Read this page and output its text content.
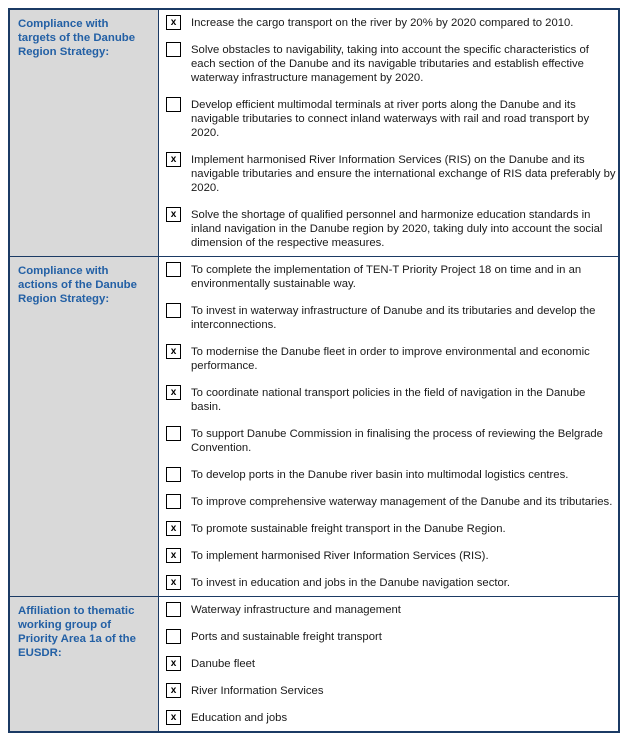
Compliance with targets of the Danube Region Strategy:
x	Increase the cargo transport on the river by 20% by 2020 compared to 2010.
Solve obstacles to navigability, taking into account the specific characteristics of each section of the Danube and its navigable tributaries and establish effective waterway infrastructure management by 2020.
Develop efficient multimodal terminals at river ports along the Danube and its navigable tributaries to connect inland waterways with rail and road transport by 2020.
x	Implement harmonised River Information Services (RIS) on the Danube and its navigable tributaries and ensure the international exchange of RIS data preferably by 2020.
x	Solve the shortage of qualified personnel and harmonize education standards in inland navigation in the Danube region by 2020, taking duly into account the social dimension of the respective measures.
Compliance with actions of the Danube Region Strategy:
To complete the implementation of TEN-T Priority Project 18 on time and in an environmentally sustainable way.
To invest in waterway infrastructure of Danube and its tributaries and develop the interconnections.
x	To modernise the Danube fleet in order to improve environmental and economic performance.
x	To coordinate national transport policies in the field of navigation in the Danube basin.
To support Danube Commission in finalising the process of reviewing the Belgrade Convention.
To develop ports in the Danube river basin into multimodal logistics centres.
To improve comprehensive waterway management of the Danube and its tributaries.
x	To promote sustainable freight transport in the Danube Region.
x	To implement harmonised River Information Services (RIS).
x	To invest in education and jobs in the Danube navigation sector.
Affiliation to thematic working group of Priority Area 1a of the EUSDR:
Waterway infrastructure and management
Ports and sustainable freight transport
x	Danube fleet
x	River Information Services
x	Education and jobs
